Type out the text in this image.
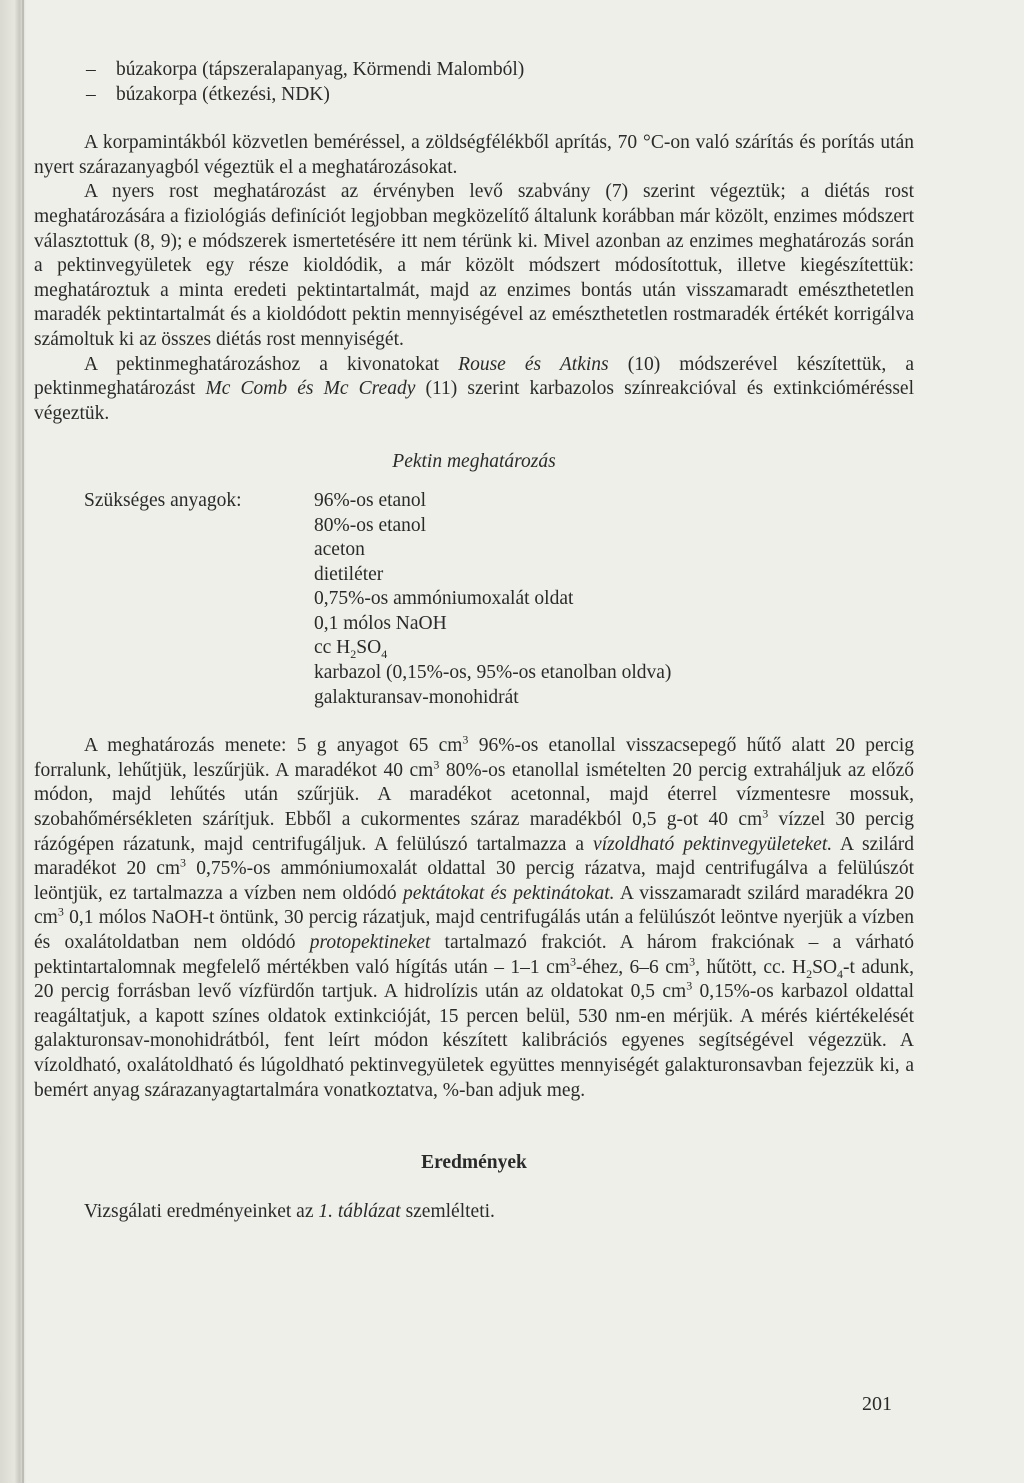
– búzakorpa (tápszeralapanyag, Körmendi Malomból)

– búzakorpa (étkezési, NDK)

A korpamintákból közvetlen beméréssel, a zöldségfélékből aprítás, 70 °C-on való szárítás és porítás után nyert szárazanyagból végeztük el a meghatározásokat.

A nyers rost meghatározást az érvényben levő szabvány (7) szerint végeztük; a diétás rost meghatározására a fiziológiás definíciót legjobban megközelítő általunk korábban már közölt, enzimes módszert választottuk (8, 9); e módszerek ismertetésére itt nem térünk ki. Mivel azonban az enzimes meghatározás során a pektinvegyületek egy része kioldódik, a már közölt módszert módosítottuk, illetve kiegészítettük: meghatároztuk a minta eredeti pektintartalmát, majd az enzimes bontás után visszamaradt emészthetetlen maradék pektintartalmát és a kioldódott pektin mennyiségével az emészthetetlen rostmaradék értékét korrigálva számoltuk ki az összes diétás rost mennyiségét.

A pektinmeghatározáshoz a kivonatokat Rouse és Atkins (10) módszerével készítettük, a pektinmeghatározást Mc Comb és Mc Cready (11) szerint karbazolos színreakcióval és extinkcióméréssel végeztük.

Pektin meghatározás

Szükséges anyagok:	96%-os etanol
80%-os etanol
aceton
dietiléter
0,75%-os ammóniumoxalát oldat
0,1 mólos NaOH
cc $H_2SO_4$
karbazol (0,15%-os, 95%-os etanolban oldva)
galakturansav-monohidrát

A meghatározás menete: 5 g anyagot 65 $cm^3$ 96%-os etanollal visszacsepegő hűtő alatt 20 percig forralunk, lehűtjük, leszűrjük. A maradékot 40 $cm^3$ 80%-os etanollal ismételten 20 percig extraháljuk az előző módon, majd lehűtés után szűrjük. A maradékot acetonnal, majd éterrel vízmentesre mossuk, szobahőmérsékleten szárítjuk. Ebből a cukormentes száraz maradékból 0,5 g-ot 40 $cm^3$ vízzel 30 percig rázógépen rázatunk, majd centrifugáljuk. A felülúszó tartalmazza a vízoldható pektinvegyületeket. A szilárd maradékot 20 $cm^3$ 0,75%-os ammóniumoxalát oldattal 30 percig rázatva, majd centrifugálva a felülúszót leöntjük, ez tartalmazza a vízben nem oldódó pektátokat és pektinátokat. A visszamaradt szilárd maradékra 20 $cm^3$ 0,1 mólos NaOH-t öntünk, 30 percig rázatjuk, majd centrifugálás után a felülúszót leöntve nyerjük a vízben és oxalátoldatban nem oldódó protopektineket tartalmazó frakciót. A három frakciónak – a várható pektintartalomnak megfelelő mértékben való hígítás után – 1–1 $cm^3$-éhez, 6–6 $cm^3$, hűtött, cc. $H_2SO_4-t$ adunk, 20 percig forrásban levő vízfürdőn tartjuk. A hidrolízis után az oldatokat 0,5 $cm^3$ 0,15%-os karbazol oldattal reagáltatjuk, a kapott színes oldatok extinkcióját, 15 percen belül, 530 nm-en mérjük. A mérés kiértékelését galakturonsav-monohidrátból, fent leírt módon készített kalibrációs egyenes segítségével végezzük. A vízoldható, oxalátoldható és lúgoldható pektinvegyületek együttes mennyiségét galakturonsavban fejezzük ki, a bemért anyag szárazanyagtartalmára vonatkoztatva, %-ban adjuk meg.

Eredmények

Vizsgálati eredményeinket az 1. táblázat szemlélteti.

201
